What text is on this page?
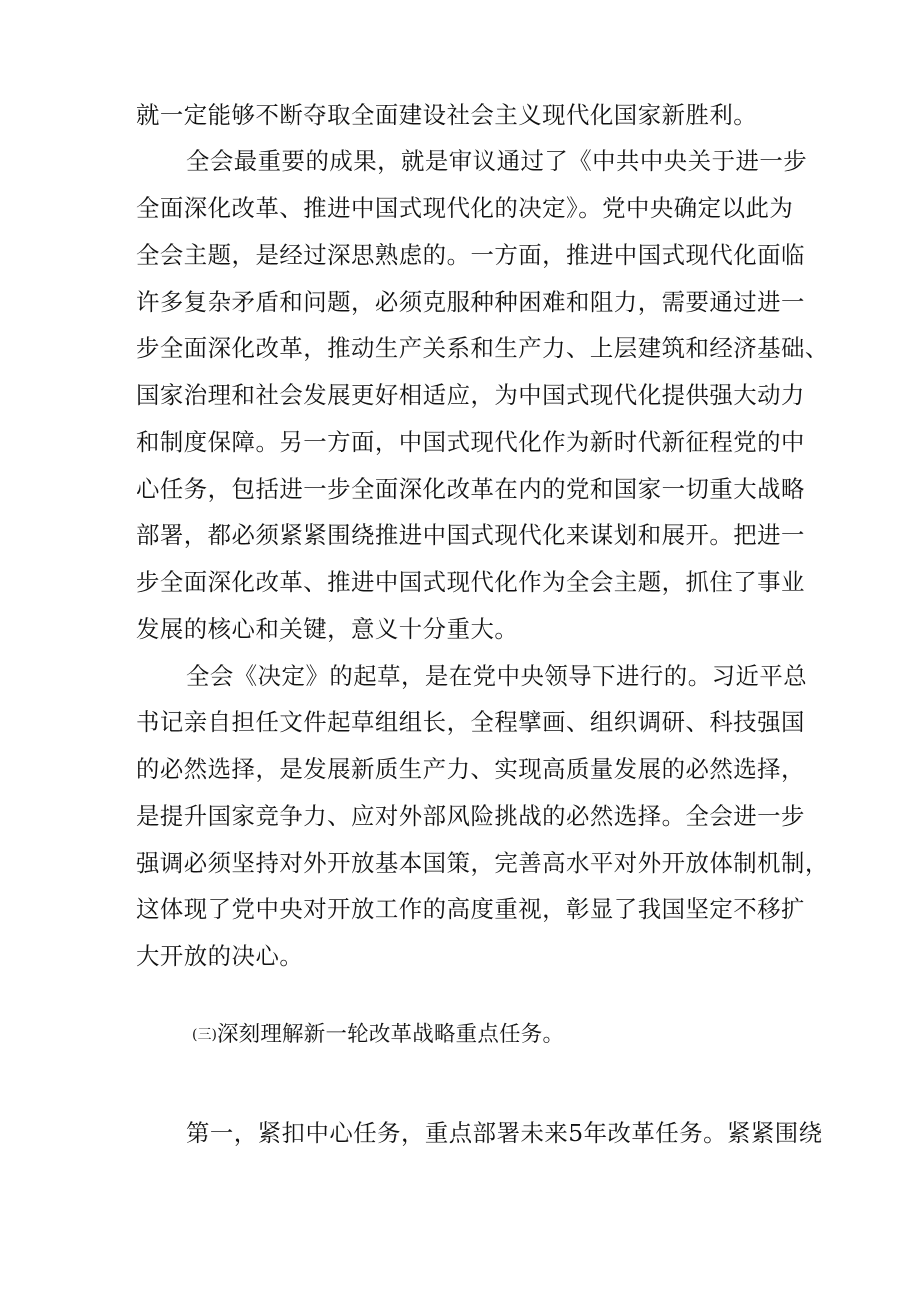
就一定能够不断夺取全面建设社会主义现代化国家新胜利。
全会最重要的成果，就是审议通过了《中共中央关于进一步
全面深化改革、推进中国式现代化的决定》。党中央确定以此为
全会主题，是经过深思熟虑的。一方面，推进中国式现代化面临
许多复杂矛盾和问题，必须克服种种困难和阻力，需要通过进一
步全面深化改革，推动生产关系和生产力、上层建筑和经济基础、
国家治理和社会发展更好相适应，为中国式现代化提供强大动力
和制度保障。另一方面，中国式现代化作为新时代新征程党的中
心任务，包括进一步全面深化改革在内的党和国家一切重大战略
部署，都必须紧紧围绕推进中国式现代化来谋划和展开。把进一
步全面深化改革、推进中国式现代化作为全会主题，抓住了事业
发展的核心和关键，意义十分重大。
全会《决定》的起草，是在党中央领导下进行的。习近平总
书记亲自担任文件起草组组长，全程擘画、组织调研、科技强国
的必然选择，是发展新质生产力、实现高质量发展的必然选择，
是提升国家竞争力、应对外部风险挑战的必然选择。全会进一步
强调必须坚持对外开放基本国策，完善高水平对外开放体制机制，
这体现了党中央对开放工作的高度重视，彰显了我国坚定不移扩
大开放的决心。
(三)深刻理解新一轮改革战略重点任务。
第一，紧扣中心任务，重点部署未来5年改革任务。紧紧围绕
